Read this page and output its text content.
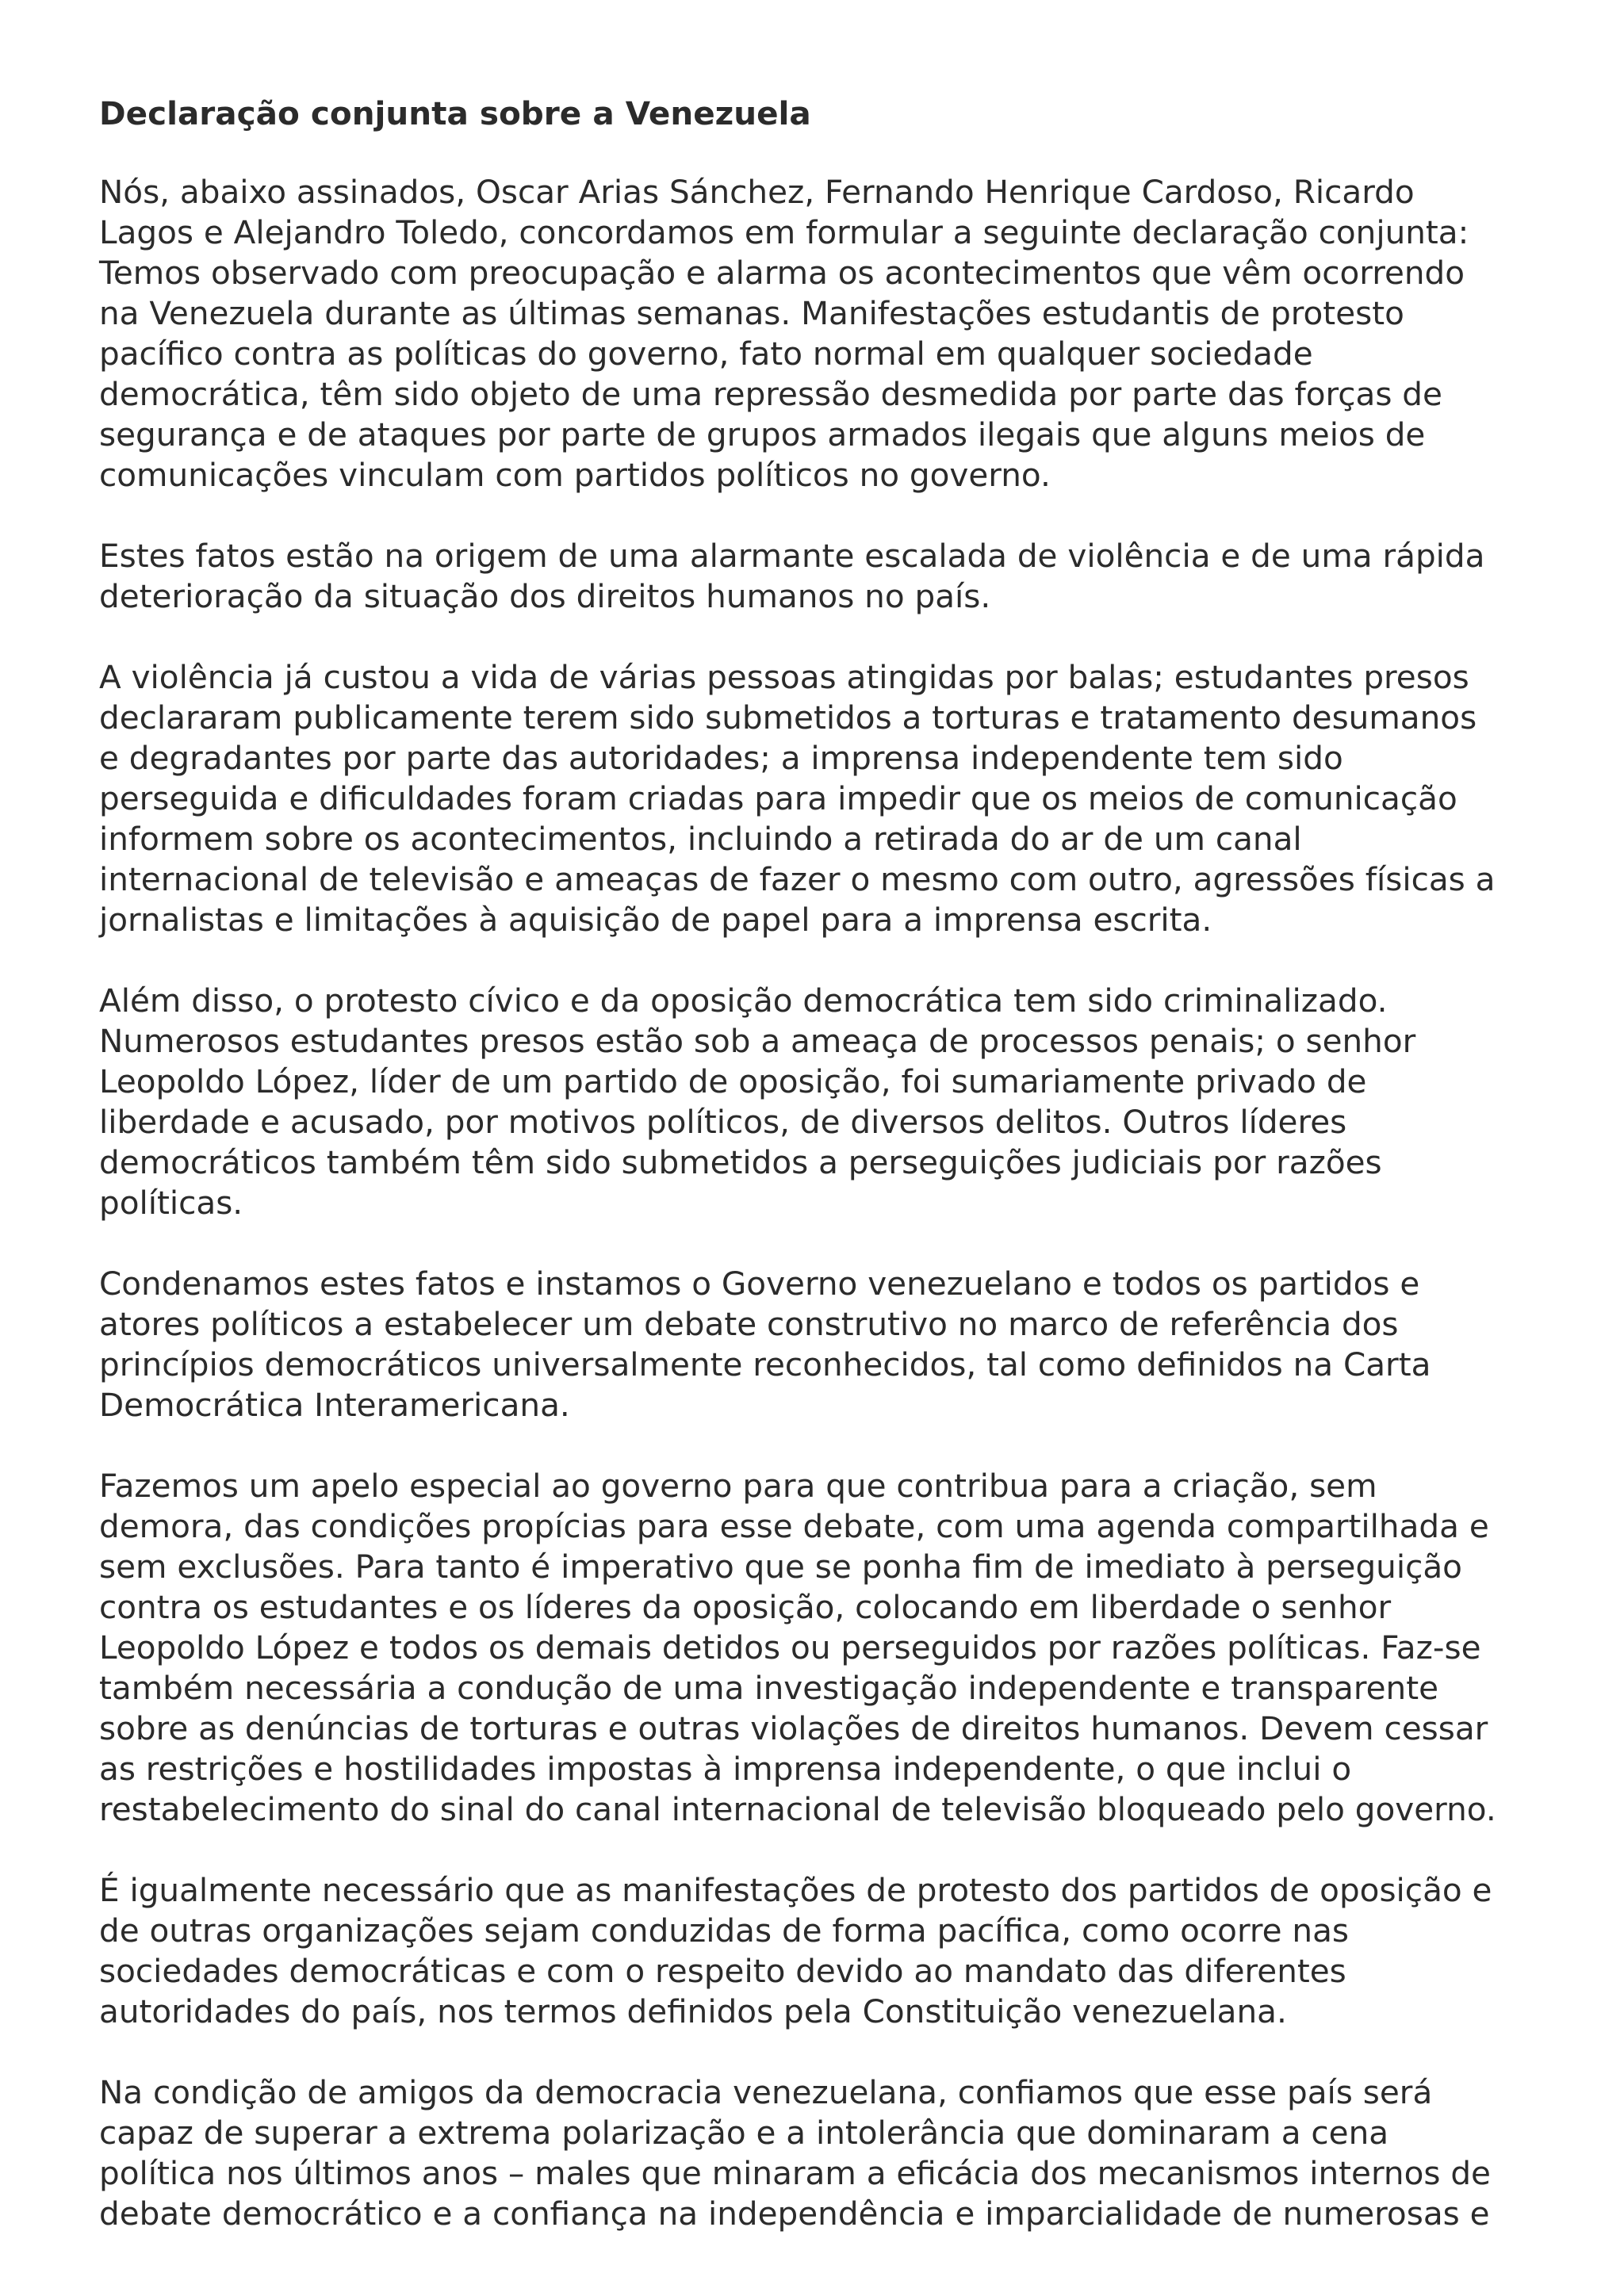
Declaração conjunta sobre a Venezuela
Nós, abaixo assinados, Oscar Arias Sánchez, Fernando Henrique Cardoso, Ricardo
Lagos e Alejandro Toledo, concordamos em formular a seguinte declaração conjunta:
Temos observado com preocupação e alarma os acontecimentos que vêm ocorrendo
na Venezuela durante as últimas semanas. Manifestações estudantis de protesto
pacífico contra as políticas do governo, fato normal em qualquer sociedade
democrática, têm sido objeto de uma repressão desmedida por parte das forças de
segurança e de ataques por parte de grupos armados ilegais que alguns meios de
comunicações vinculam com partidos políticos no governo.
Estes fatos estão na origem de uma alarmante escalada de violência e de uma rápida
deterioração da situação dos direitos humanos no país.
A violência já custou a vida de várias pessoas atingidas por balas; estudantes presos
declararam publicamente terem sido submetidos a torturas e tratamento desumanos
e degradantes por parte das autoridades; a imprensa independente tem sido
perseguida e dificuldades foram criadas para impedir que os meios de comunicação
informem sobre os acontecimentos, incluindo a retirada do ar de um canal
internacional de televisão e ameaças de fazer o mesmo com outro, agressões físicas a
jornalistas e limitações à aquisição de papel para a imprensa escrita.
Além disso, o protesto cívico e da oposição democrática tem sido criminalizado.
Numerosos estudantes presos estão sob a ameaça de processos penais; o senhor
Leopoldo López, líder de um partido de oposição, foi sumariamente privado de
liberdade e acusado, por motivos políticos, de diversos delitos. Outros líderes
democráticos também têm sido submetidos a perseguições judiciais por razões
políticas.
Condenamos estes fatos e instamos o Governo venezuelano e todos os partidos e
atores políticos a estabelecer um debate construtivo no marco de referência dos
princípios democráticos universalmente reconhecidos, tal como definidos na Carta
Democrática Interamericana.
Fazemos um apelo especial ao governo para que contribua para a criação, sem
demora, das condições propícias para esse debate, com uma agenda compartilhada e
sem exclusões. Para tanto é imperativo que se ponha fim de imediato à perseguição
contra os estudantes e os líderes da oposição, colocando em liberdade o senhor
Leopoldo López e todos os demais detidos ou perseguidos por razões políticas. Faz-se
também necessária a condução de uma investigação independente e transparente
sobre as denúncias de torturas e outras violações de direitos humanos. Devem cessar
as restrições e hostilidades impostas à imprensa independente, o que inclui o
restabelecimento do sinal do canal internacional de televisão bloqueado pelo governo.
É igualmente necessário que as manifestações de protesto dos partidos de oposição e
de outras organizações sejam conduzidas de forma pacífica, como ocorre nas
sociedades democráticas e com o respeito devido ao mandato das diferentes
autoridades do país, nos termos definidos pela Constituição venezuelana.
Na condição de amigos da democracia venezuelana, confiamos que esse país será
capaz de superar a extrema polarização e a intolerância que dominaram a cena
política nos últimos anos – males que minaram a eficácia dos mecanismos internos de
debate democrático e a confiança na independência e imparcialidade de numerosas e
